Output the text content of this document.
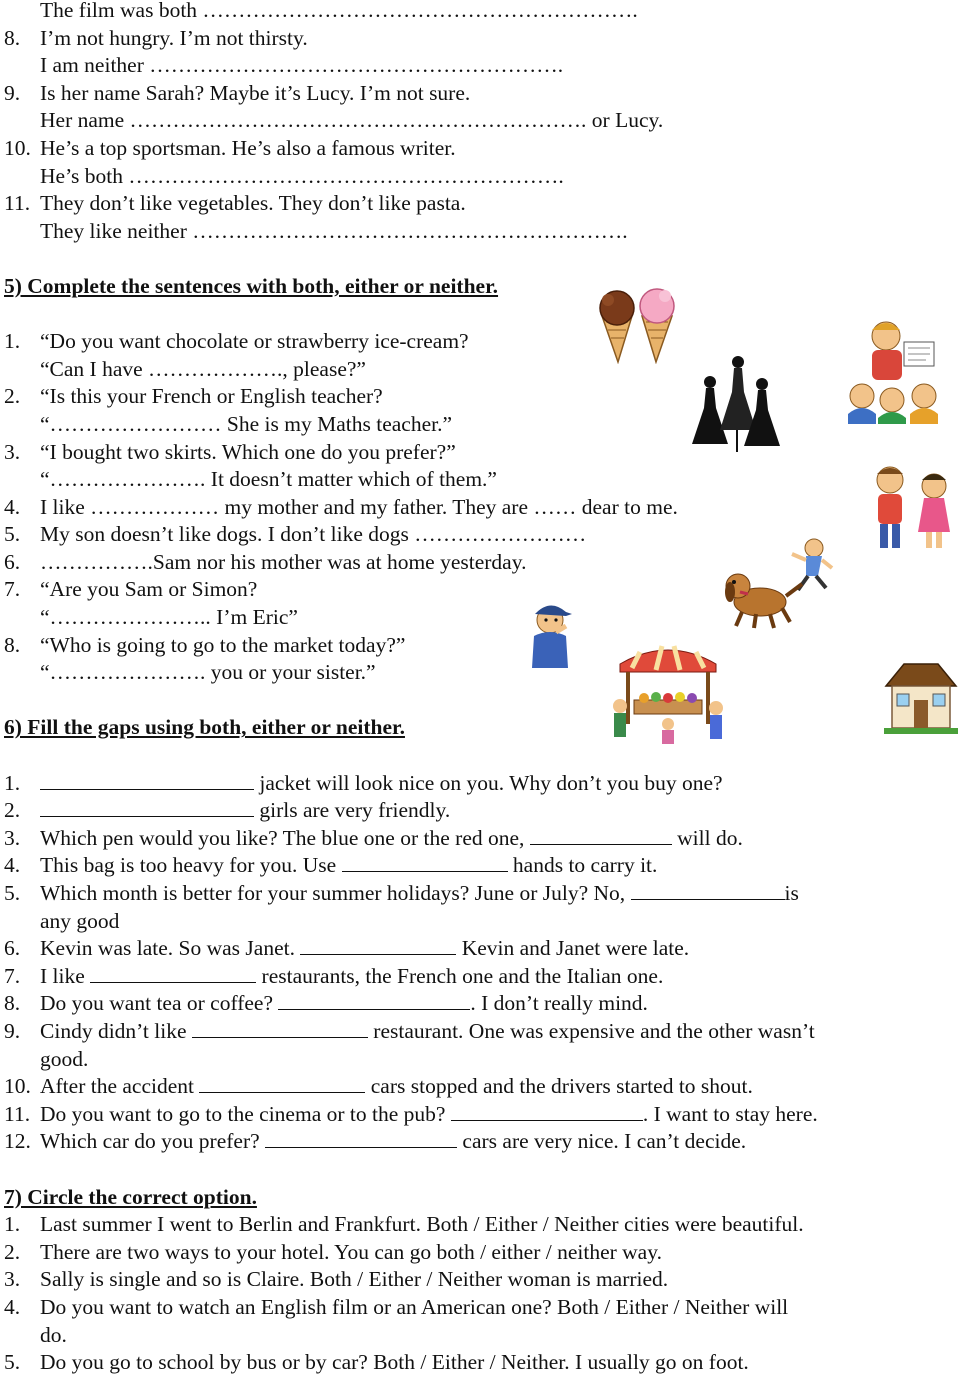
The film was both …………………………………………………….
8. I’m not hungry. I’m not thirsty.
I am neither ………………………………………………….
9. Is her name Sarah? Maybe it’s Lucy. I’m not sure.
Her name ………………………………………………………. or Lucy.
10. He’s a top sportsman. He’s also a famous writer.
He’s both …………………………………………………….
11. They don’t like vegetables. They don’t like pasta.
They like neither …………………………………………………….
5) Complete the sentences with both, either or neither.
1. “Do you want chocolate or strawberry ice-cream?
“Can I have ………………., please?”
2. “Is this your French or English teacher?
“…………………… She is my Maths teacher.”
3. “I bought two skirts. Which one do you prefer?”
“…………………. It doesn’t matter which of them.”
4. I like ……………… my mother and my father. They are …… dear to me.
5. My son doesn’t like dogs. I don’t like dogs ……………………
6. …………….Sam nor his mother was at home yesterday.
7. “Are you Sam or Simon?
“………………….. I’m Eric”
8. “Who is going to go to the market today?”
“…………………. you or your sister.”
6) Fill the gaps using both, either or neither.
1.	jacket will look nice on you. Why don’t you buy one?
2.	girls are very friendly.
3. Which pen would you like? The blue one or the red one,	will do.
4. This bag is too heavy for you. Use	hands to carry it.
5. Which month is better for your summer holidays? June or July? No,	is
any good
6. Kevin was late. So was Janet.	Kevin and Janet were late.
7. I like	restaurants, the French one and the Italian one.
8. Do you want tea or coffee?	. I don’t really mind.
9. Cindy didn’t like	restaurant. One was expensive and the other wasn’t
good.
10. After the accident	cars stopped and the drivers started to shout.
11. Do you want to go to the cinema or to the pub?	. I want to stay here.
12. Which car do you prefer?	cars are very nice. I can’t decide.
7) Circle the correct option.
1. Last summer I went to Berlin and Frankfurt. Both / Either / Neither cities were beautiful.
2. There are two ways to your hotel. You can go both / either / neither way.
3. Sally is single and so is Claire. Both / Either / Neither woman is married.
4. Do you want to watch an English film or an American one? Both / Either / Neither will
do.
5. Do you go to school by bus or by car? Both / Either / Neither. I usually go on foot.
